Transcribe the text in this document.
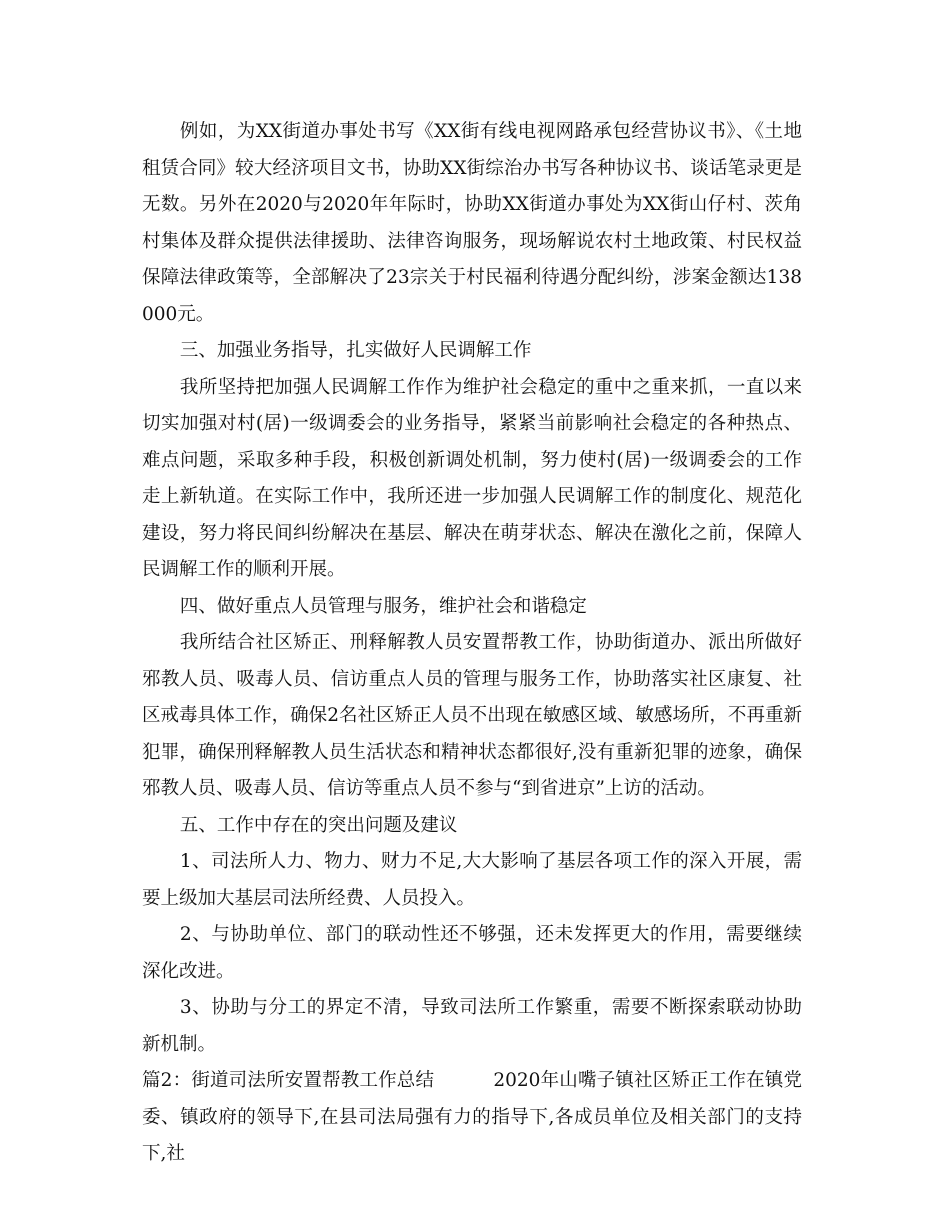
例如，为XX街道办事处书写《XX街有线电视网路承包经营协议书》、《土地租赁合同》较大经济项目文书，协助XX街综治办书写各种协议书、谈话笔录更是无数。另外在2020与2020年年际时，协助XX街道办事处为XX街山仔村、茨角村集体及群众提供法律援助、法律咨询服务，现场解说农村土地政策、村民权益保障法律政策等，全部解决了23宗关于村民福利待遇分配纠纷，涉案金额达138000元。

三、加强业务指导，扎实做好人民调解工作

我所坚持把加强人民调解工作作为维护社会稳定的重中之重来抓，一直以来切实加强对村(居)一级调委会的业务指导，紧紧当前影响社会稳定的各种热点、难点问题，采取多种手段，积极创新调处机制，努力使村(居)一级调委会的工作走上新轨道。在实际工作中，我所还进一步加强人民调解工作的制度化、规范化建设，努力将民间纠纷解决在基层、解决在萌芽状态、解决在激化之前，保障人民调解工作的顺利开展。

四、做好重点人员管理与服务，维护社会和谐稳定

我所结合社区矫正、刑释解教人员安置帮教工作，协助街道办、派出所做好邪教人员、吸毒人员、信访重点人员的管理与服务工作，协助落实社区康复、社区戒毒具体工作，确保2名社区矫正人员不出现在敏感区域、敏感场所，不再重新犯罪，确保刑释解教人员生活状态和精神状态都很好,没有重新犯罪的迹象，确保邪教人员、吸毒人员、信访等重点人员不参与“到省进京”上访的活动。

五、工作中存在的突出问题及建议

1、司法所人力、物力、财力不足,大大影响了基层各项工作的深入开展，需要上级加大基层司法所经费、人员投入。

2、与协助单位、部门的联动性还不够强，还未发挥更大的作用，需要继续深化改进。

3、协助与分工的界定不清，导致司法所工作繁重，需要不断探索联动协助新机制。

篇2：街道司法所安置帮教工作总结	2020年山嘴子镇社区矫正工作在镇党委、镇政府的领导下,在县司法局强有力的指导下,各成员单位及相关部门的支持下,社
